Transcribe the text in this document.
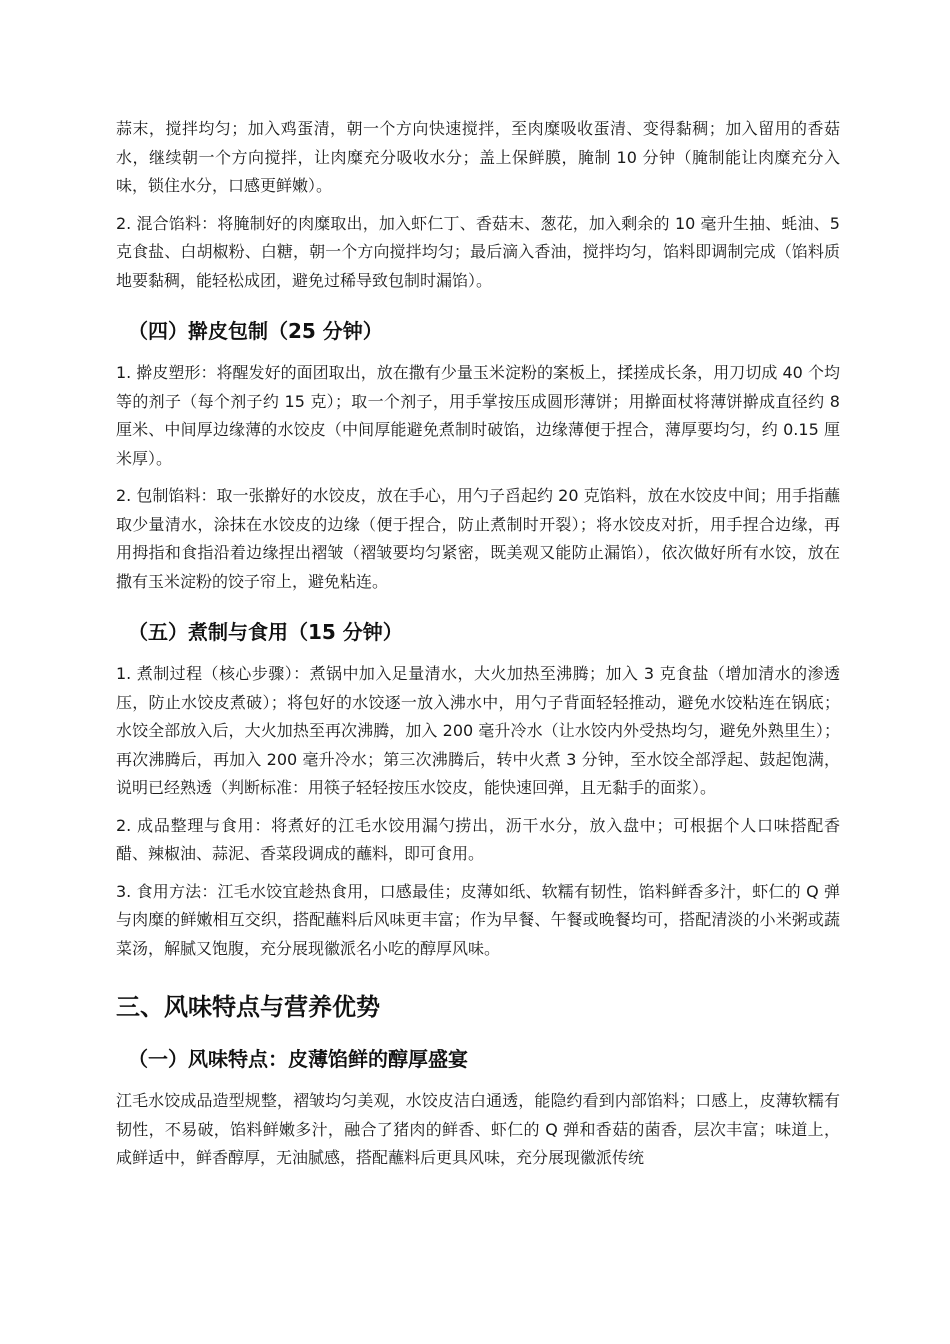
蒜末，搅拌均匀；加入鸡蛋清，朝一个方向快速搅拌，至肉糜吸收蛋清、变得黏稠；加入留用的香菇水，继续朝一个方向搅拌，让肉糜充分吸收水分；盖上保鲜膜，腌制 10 分钟（腌制能让肉糜充分入味，锁住水分，口感更鲜嫩）。

2. 混合馅料：将腌制好的肉糜取出，加入虾仁丁、香菇末、葱花，加入剩余的 10 毫升生抽、蚝油、5 克食盐、白胡椒粉、白糖，朝一个方向搅拌均匀；最后滴入香油，搅拌均匀，馅料即调制完成（馅料质地要黏稠，能轻松成团，避免过稀导致包制时漏馅）。

（四）擀皮包制（25 分钟）

1. 擀皮塑形：将醒发好的面团取出，放在撒有少量玉米淀粉的案板上，揉搓成长条，用刀切成 40 个均等的剂子（每个剂子约 15 克）；取一个剂子，用手掌按压成圆形薄饼；用擀面杖将薄饼擀成直径约 8 厘米、中间厚边缘薄的水饺皮（中间厚能避免煮制时破馅，边缘薄便于捏合，薄厚要均匀，约 0.15 厘米厚）。

2. 包制馅料：取一张擀好的水饺皮，放在手心，用勺子舀起约 20 克馅料，放在水饺皮中间；用手指蘸取少量清水，涂抹在水饺皮的边缘（便于捏合，防止煮制时开裂）；将水饺皮对折，用手捏合边缘，再用拇指和食指沿着边缘捏出褶皱（褶皱要均匀紧密，既美观又能防止漏馅），依次做好所有水饺，放在撒有玉米淀粉的饺子帘上，避免粘连。

（五）煮制与食用（15 分钟）

1. 煮制过程（核心步骤）：煮锅中加入足量清水，大火加热至沸腾；加入 3 克食盐（增加清水的渗透压，防止水饺皮煮破）；将包好的水饺逐一放入沸水中，用勺子背面轻轻推动，避免水饺粘连在锅底；水饺全部放入后，大火加热至再次沸腾，加入 200 毫升冷水（让水饺内外受热均匀，避免外熟里生）；再次沸腾后，再加入 200 毫升冷水；第三次沸腾后，转中火煮 3 分钟，至水饺全部浮起、鼓起饱满，说明已经熟透（判断标准：用筷子轻轻按压水饺皮，能快速回弹，且无黏手的面浆）。

2. 成品整理与食用：将煮好的江毛水饺用漏勺捞出，沥干水分，放入盘中；可根据个人口味搭配香醋、辣椒油、蒜泥、香菜段调成的蘸料，即可食用。

3. 食用方法：江毛水饺宜趁热食用，口感最佳；皮薄如纸、软糯有韧性，馅料鲜香多汁，虾仁的 Q 弹与肉糜的鲜嫩相互交织，搭配蘸料后风味更丰富；作为早餐、午餐或晚餐均可，搭配清淡的小米粥或蔬菜汤，解腻又饱腹，充分展现徽派名小吃的醇厚风味。

三、风味特点与营养优势
（一）风味特点：皮薄馅鲜的醇厚盛宴

江毛水饺成品造型规整，褶皱均匀美观，水饺皮洁白通透，能隐约看到内部馅料；口感上，皮薄软糯有韧性，不易破，馅料鲜嫩多汁，融合了猪肉的鲜香、虾仁的 Q 弹和香菇的菌香，层次丰富；味道上，咸鲜适中，鲜香醇厚，无油腻感，搭配蘸料后更具风味，充分展现徽派传统
